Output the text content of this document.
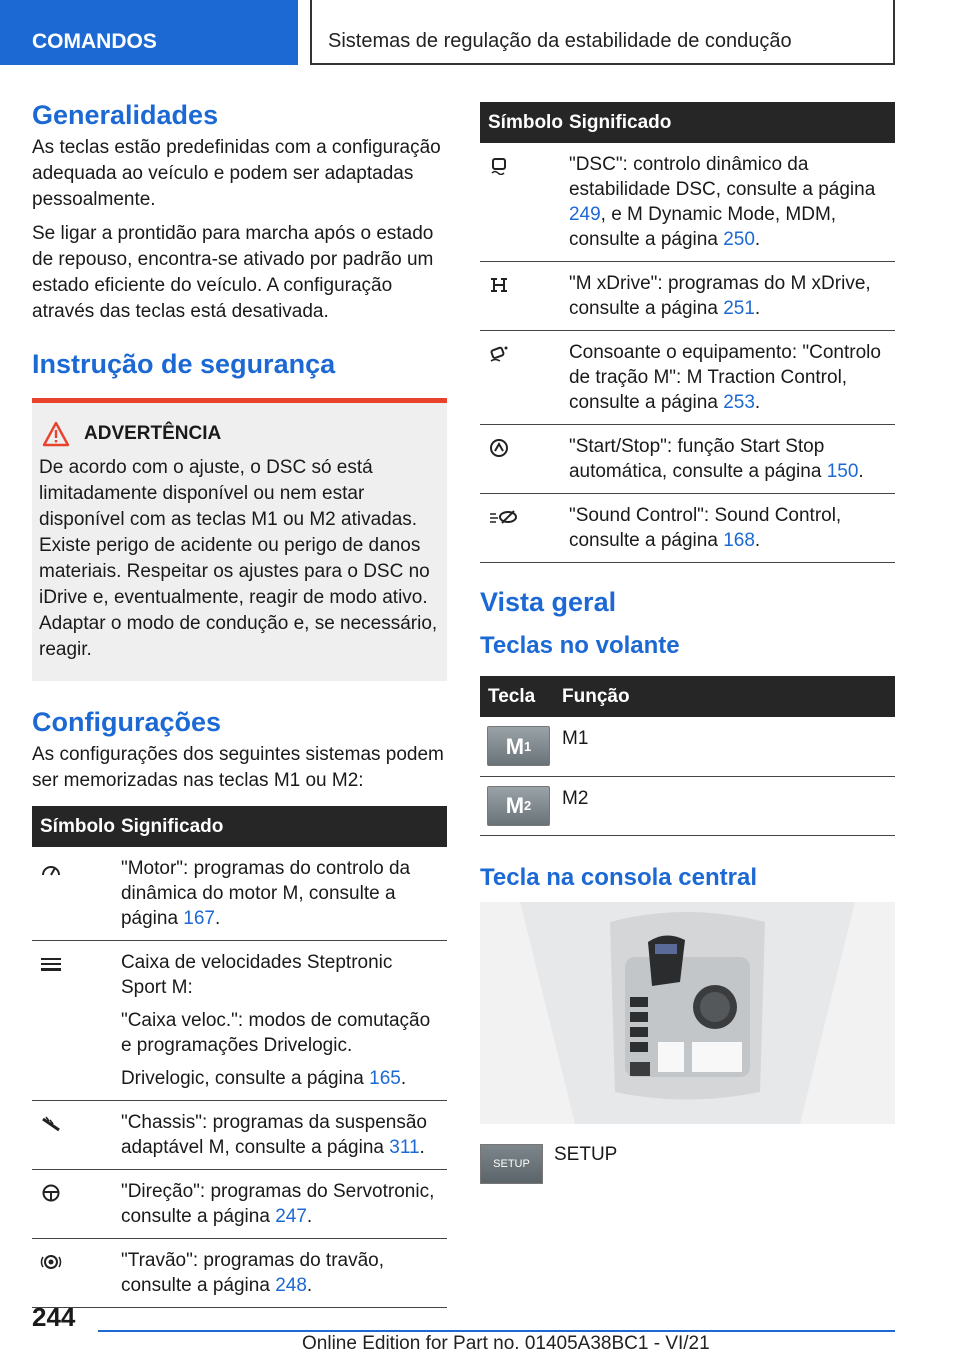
COMANDOS	Sistemas de regulação da estabilidade de condução
Generalidades

As teclas estão predefinidas com a configuração adequada ao veículo e podem ser adaptadas pessoalmente.

Se ligar a prontidão para marcha após o estado de repouso, encontra-se ativado por padrão um estado eficiente do veículo. A configuração através das teclas está desativada.

Instrução de segurança
ADVERTÊNCIA

De acordo com o ajuste, o DSC só está limitadamente disponível ou nem estar disponível com as teclas M1 ou M2 ativadas. Existe perigo de acidente ou perigo de danos materiais. Respeitar os ajustes para o DSC no iDrive e, eventualmente, reagir de modo ativo. Adaptar o modo de condução e, se necessário, reagir.

Configurações

As configurações dos seguintes sistemas podem ser memorizadas nas teclas M1 ou M2:

Símbolo	Significado
	"Motor": programas do controlo da dinâmica do motor M, consulte a página 167.

Caixa de velocidades Steptronic Sport M:

"Caixa veloc.": modos de comutação e programações Drivelogic.

Drivelogic, consulte a página 165.

	"Chassis": programas da suspensão adaptável M, consulte a página 311.
	"Direção": programas do Servotronic, consulte a página 247.
	"Travão": programas do travão, consulte a página 248.
Símbolo	Significado
	"DSC": controlo dinâmico da estabilidade DSC, consulte a página 249, e M Dynamic Mode, MDM, consulte a página 250.
	"M xDrive": programas do M xDrive, consulte a página 251.
	Consoante o equipamento: "Controlo de tração M": M Traction Control, consulte a página 253.
	"Start/Stop": função Start Stop automática, consulte a página 150.
	"Sound Control": Sound Control, consulte a página 168.
Vista geral
Teclas no volante
Tecla	Função

M 1	M1

M 2	M2
Tecla na consola central
SETUP SETUP
244
Online Edition for Part no. 01405A38BC1 - VI/21
